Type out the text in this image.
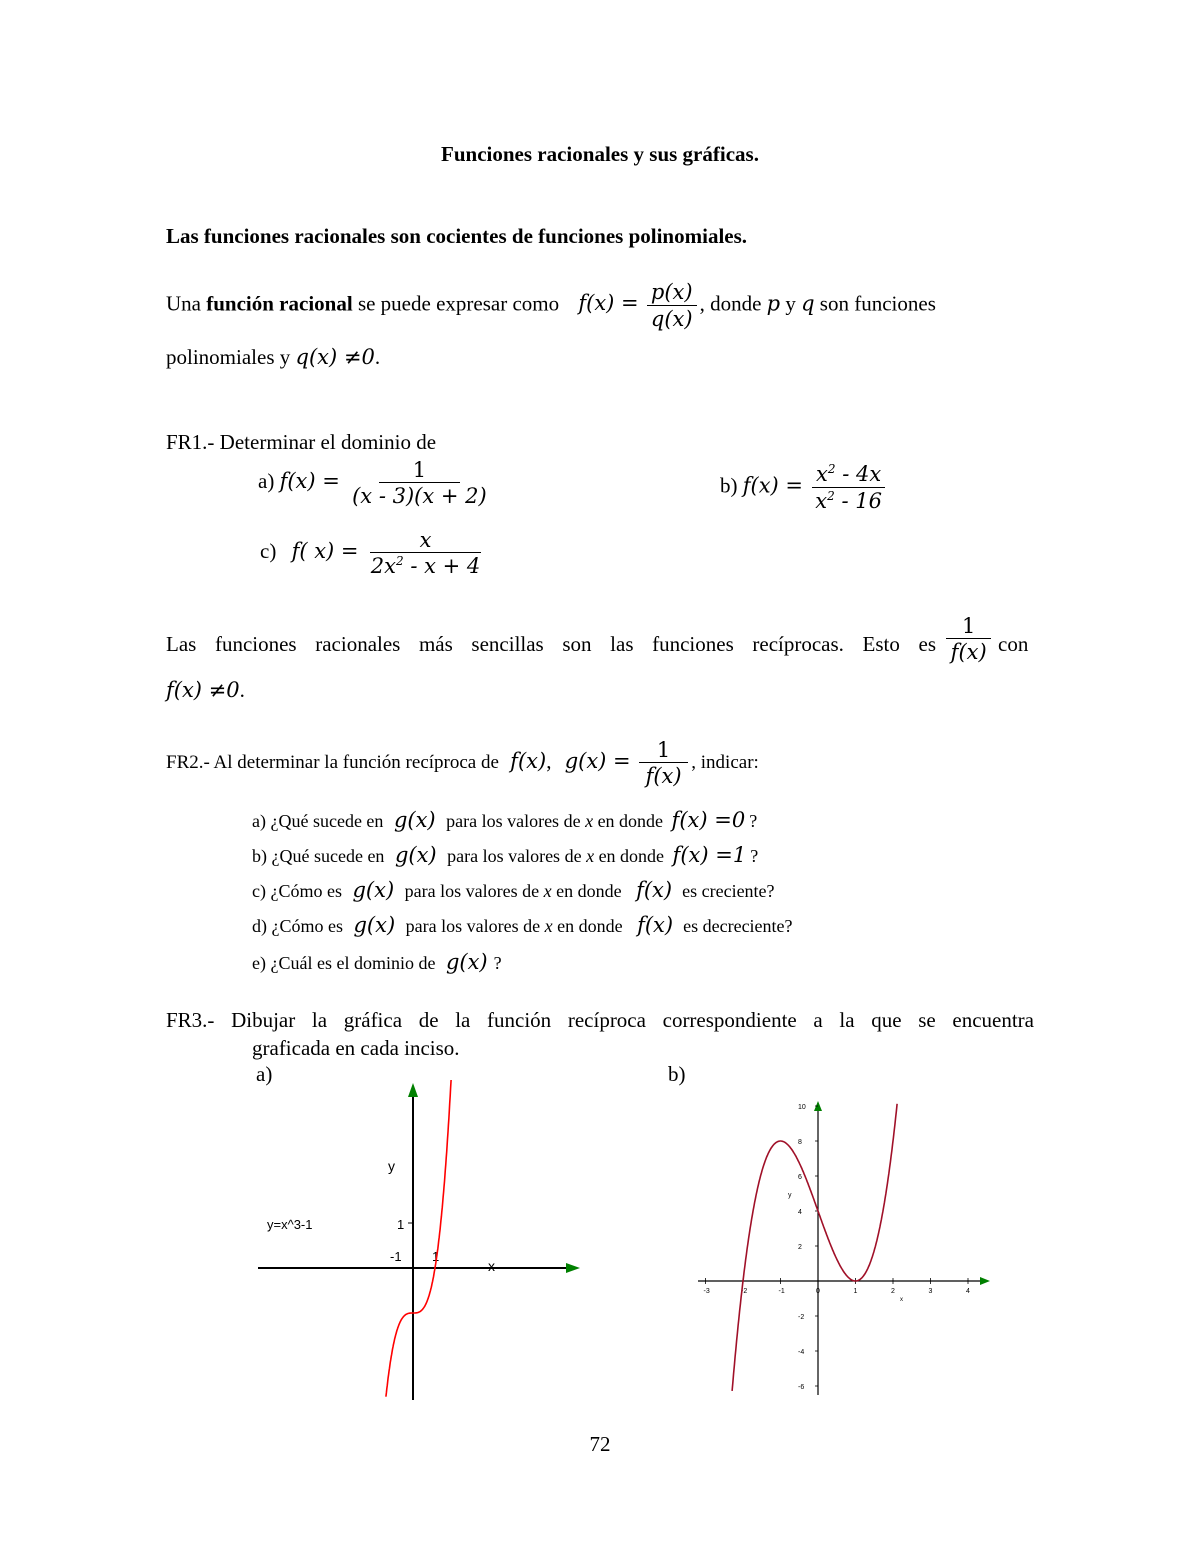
Funciones racionales y sus gráficas.
Las funciones racionales son cocientes de funciones polinomiales.
Una función racional se puede expresar como $f(x) = \frac{p(x)}{q(x)}$ , donde p y q son funciones
polinomiales y q(x) ≠0.
FR1.- Determinar el dominio de
a) $f(x) = \frac{1}{(x - 3)(x + 2)}$	b) $f(x) = \frac{x^2 - 4x}{x^2 - 16}$
c) f( $x) = \frac{x}{2x^2 - x + 4}$
Las funciones racionales más sencillas son las funciones recíprocas. Esto es $\frac{1}{f(x)}$ con
f(x) ≠0.
FR2.- Al determinar la función recíproca de f(x), $g(x) = \frac{1}{f(x)}$ , indicar:
a) ¿Qué sucede en g(x) para los valores de x en donde f(x) =0 ?
b) ¿Qué sucede en g(x) para los valores de x en donde f(x) =1 ?
c) ¿Cómo es g(x) para los valores de x en donde f(x) es creciente?
d) ¿Cómo es g(x) para los valores de x en donde f(x) es decreciente?
e) ¿Cuál es el dominio de g(x) ?
FR3.- Dibujar la gráfica de la función recíproca correspondiente a la que se encuentra
graficada en cada inciso.
a)	b)
1
-1 1
x
y
y=x^3-1
-3	-2	-1	0	1	2	3	4
-6
-4
-2
2
4
6
8
10
x
y
72
